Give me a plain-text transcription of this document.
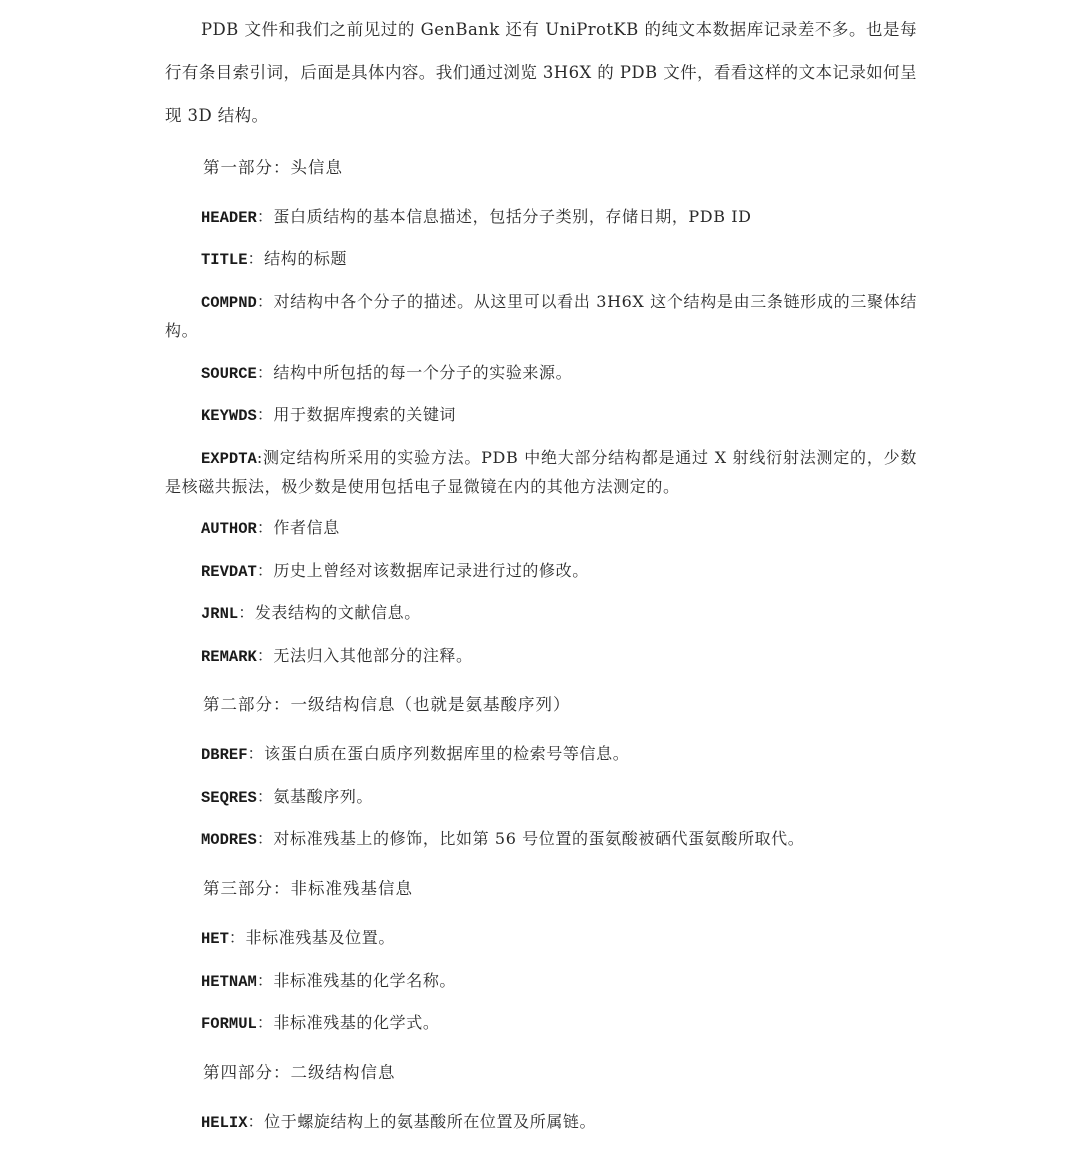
PDB 文件和我们之前见过的 GenBank 还有 UniProtKB 的纯文本数据库记录差不多。也是每行有条目索引词，后面是具体内容。我们通过浏览 3H6X 的 PDB 文件，看看这样的文本记录如何呈现 3D 结构。

第一部分：头信息

HEADER：蛋白质结构的基本信息描述，包括分子类别，存储日期，PDB ID

TITLE：结构的标题

COMPND：对结构中各个分子的描述。从这里可以看出 3H6X 这个结构是由三条链形成的三聚体结构。

SOURCE：结构中所包括的每一个分子的实验来源。

KEYWDS：用于数据库搜索的关键词

EXPDTA:测定结构所采用的实验方法。PDB 中绝大部分结构都是通过 X 射线衍射法测定的，少数是核磁共振法，极少数是使用包括电子显微镜在内的其他方法测定的。

AUTHOR：作者信息

REVDAT：历史上曾经对该数据库记录进行过的修改。

JRNL：发表结构的文献信息。

REMARK：无法归入其他部分的注释。

第二部分：一级结构信息（也就是氨基酸序列）

DBREF：该蛋白质在蛋白质序列数据库里的检索号等信息。

SEQRES：氨基酸序列。

MODRES：对标准残基上的修饰，比如第 56 号位置的蛋氨酸被硒代蛋氨酸所取代。

第三部分：非标准残基信息

HET：非标准残基及位置。

HETNAM：非标准残基的化学名称。

FORMUL：非标准残基的化学式。

第四部分：二级结构信息

HELIX：位于螺旋结构上的氨基酸所在位置及所属链。
